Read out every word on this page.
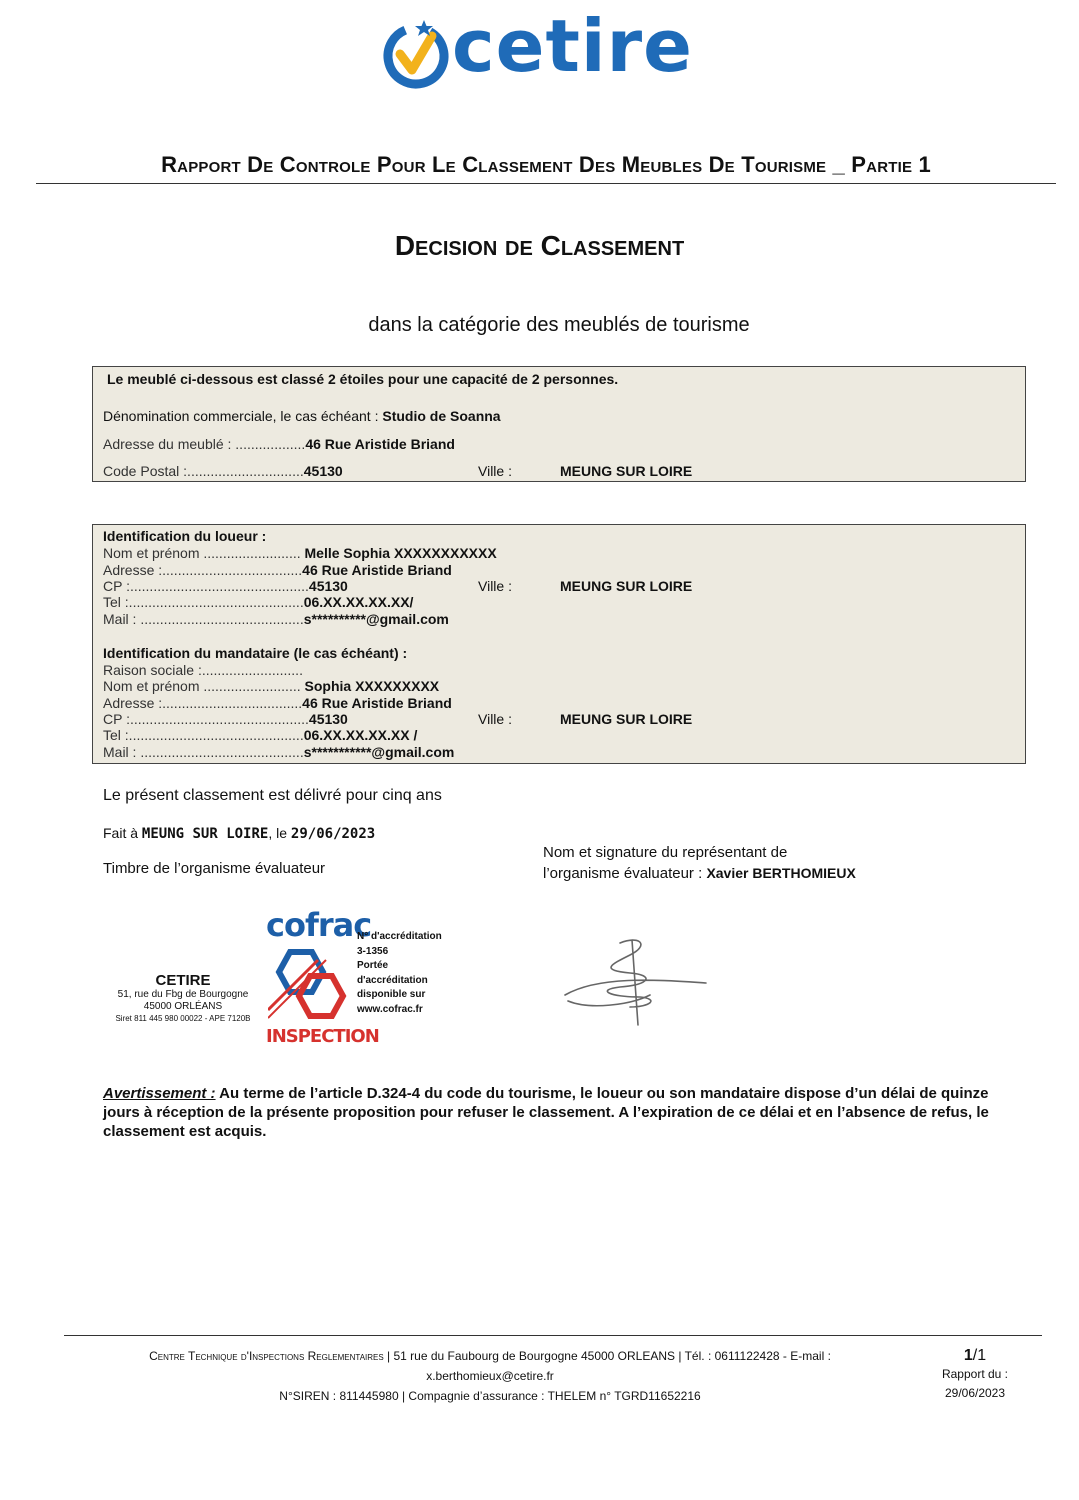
cetire
Rapport De Controle Pour Le Classement Des Meubles De Tourisme _ Partie 1
Decision de Classement
dans la catégorie des meublés de tourisme
Le meublé ci-dessous est classé 2 étoiles pour une capacité de 2 personnes.
Dénomination commerciale, le cas échéant : Studio de Soanna
Adresse du meublé : ..................46 Rue Aristide Briand
Code Postal :..............................45130	Ville :	MEUNG SUR LOIRE
Identification du loueur :
Nom et prénom ......................... Melle Sophia XXXXXXXXXXX
Adresse :....................................46 Rue Aristide Briand
CP :..............................................45130	Ville :	MEUNG SUR LOIRE
Tel :.............................................06.XX.XX.XX.XX/
Mail : ..........................................s**********@gmail.com
Identification du mandataire (le cas échéant) :
Raison sociale :..........................
Nom et prénom ......................... Sophia XXXXXXXXX
Adresse :....................................46 Rue Aristide Briand
CP :..............................................45130	Ville :	MEUNG SUR LOIRE
Tel :.............................................06.XX.XX.XX.XX /
Mail : ..........................................s***********@gmail.com
Le présent classement est délivré pour cinq ans
Fait à MEUNG SUR LOIRE, le 29/06/2023
Timbre de l’organisme évaluateur
Nom et signature du représentant de
l’organisme évaluateur : Xavier BERTHOMIEUX
CETIRE
51, rue du Fbg de Bourgogne
45000 ORLÉANS
Siret 811 445 980 00022 - APE 7120B
cofrac
INSPECTION
N° d'accréditation
3-1356
Portée
d'accréditation
disponible sur
www.cofrac.fr
Avertissement : Au terme de l’article D.324-4 du code du tourisme, le loueur ou son mandataire dispose d’un délai de quinze jours à réception de la présente proposition pour refuser le classement. A l’expiration de ce délai et en l’absence de refus, le classement est acquis.
Centre Technique d'Inspections Reglementaires | 51 rue du Faubourg de Bourgogne 45000 ORLEANS | Tél. : 0611122428 - E-mail :
x.berthomieux@cetire.fr
N°SIREN : 811445980 | Compagnie d’assurance : THELEM n° TGRD11652216
1/1
Rapport du :
29/06/2023
